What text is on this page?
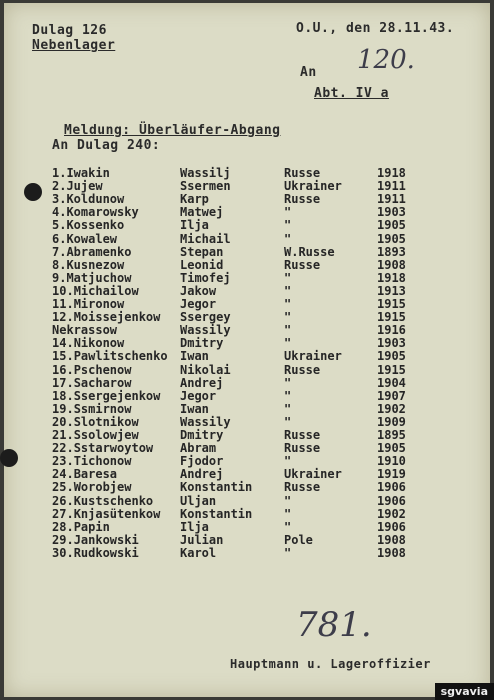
Dulag 126
Nebenlager
O.U., den 28.11.43.
120.
An
Abt. IV a
Meldung: Überläufer-Abgang
An Dulag 240:
1.Iwakin	Wassilj	Russe	1918
2.Jujew	Ssermen	Ukrainer	1911
3.Koldunow	Karp	Russe	1911
4.Komarowsky	Matwej	"	1903
5.Kossenko	Ilja	"	1905
6.Kowalew	Michail	"	1905
7.Abramenko	Stepan	W.Russe	1893
8.Kusnezow	Leonid	Russe	1908
9.Matjuchow	Timofej	"	1918
10.Michailow	Jakow	"	1913
11.Mironow	Jegor	"	1915
12.Moissejenkow Ssergey	"	1915
Nekrassow	Wassily	"	1916
14.Nikonow	Dmitry	"	1903
15.Pawlitschenko Iwan	Ukrainer	1905
16.Pschenow	Nikolai	Russe	1915
17.Sacharow	Andrej	"	1904
18.Ssergejenkow Jegor	"	1907
19.Ssmirnow	Iwan	"	1902
20.Slotnikow	Wassily	"	1909
21.Ssolowjew	Dmitry	Russe	1895
22.Sstarwoytow Abram	Russe	1905
23.Tichonow	Fjodor	"	1910
24.Baresa	Andrej	Ukrainer	1919
25.Worobjew	Konstantin	Russe	1906
26.Kustschenko Uljan	"	1906
27.Knjasütenkow Konstantin	"	1902
28.Papin	Ilja	"	1906
29.Jankowski	Julian	Pole	1908
30.Rudkowski	Karol	"	1908
781.
Hauptmann u. Lageroffizier
sgvavia
